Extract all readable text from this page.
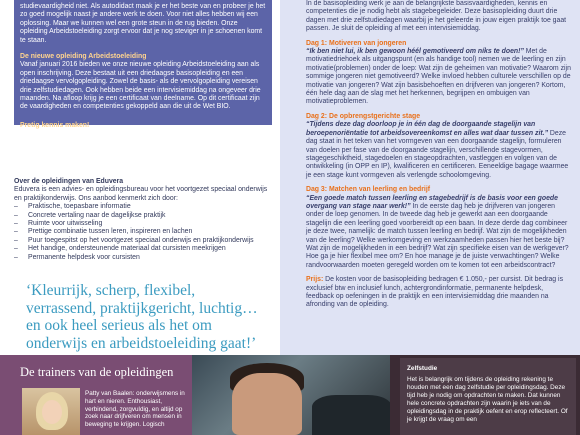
studievaardigheid niet. Als autodidact maak je er het beste van en probeer je het zo goed mogelijk naast je andere werk te doen. Voor niet alles hebben wij een oplossing. Maar we kunnen wel een grote steun in de rug bieden. Onze opleiding Arbeidstoeleiding zorgt ervoor dat je nog steviger in je schoenen komt te staan.

De nieuwe opleiding Arbeidstoeleiding

Vanaf januari 2016 bieden we onze nieuwe opleiding Arbeidstoeleiding aan als open inschrijving. Deze bestaat uit een driedaagse basisopleiding en een driedaagse vervolgopleiding. Zowel de basis- als de vervolgopleiding vereisen drie zelfstudiedagen. Ook hebben beide een intervisiemiddag na ongeveer drie maanden. Na afloop krijg je een certificaat van deelname. Op dit certificaat zijn de vaardigheden en competenties gekoppeld aan die uit de Wet BIO.

Pretig kennis maken!

Over de opleidingen van Eduvera

Eduvera is een advies- en opleidingsbureau voor het voortgezet speciaal onderwijs en praktijkonderwijs. Ons aanbod kenmerkt zich door:

– Praktische, toepasbare informatie
– Concrete vertaling naar de dagelijkse praktijk
– Ruimte voor uitwisseling
– Prettige combinatie tussen leren, inspireren en lachen
– Puur toegespitst op het voortgezet speciaal onderwijs en praktijkonderwijs
– Het handige, ondersteunende materiaal dat cursisten meekrijgen
– Permanente helpdesk voor cursisten
‘Kleurrijk, scherp, flexibel, verrassend, praktijkgericht, luchtig… en ook heel serieus als het om onderwijs en arbeidstoeleiding gaat!’

In de basisopleiding werk je aan de belangrijkste basisvaardigheden, kennis en competenties die je nodig hebt als stagebegeleider. Deze basisopleiding duurt drie dagen met drie zelfstudiedagen waarbij je het geleerde in jouw eigen praktijk toe gaat passen. Je sluit de opleiding af met een intervisiemiddag.

Dag 1: Motiveren van jongeren

“Ik ben niet lui, ik ben gewoon héél gemotiveerd om níks te doen!” Met de motivatiedriehoek als uitgangspunt (en als handige tool) nemen we de leerling en zijn motivatie(problemen) onder de loep: Wat zijn de geheimen van motivatie? Waarom zijn sommige jongeren niet gemotiveerd? Welke invloed hebben culturele verschillen op de motivatie van jongeren? Wat zijn basisbehoeften en drijfveren van jongeren? Kortom, één hele dag aan de slag met het herkennen, begrijpen en ombuigen van motivatieproblemen.

Dag 2: De opbrengstgerichte stage

“Tijdens deze dag doorloop je in één dag de doorgaande stagelijn van beroepenoriëntatie tot arbeidsovereenkomst en alles wat daar tussen zit.” Deze dag staat in het teken van het vormgeven van een doorgaande stagelijn, formuleren van doelen per fase van de doorgaande stagelijn, verschillende stagevormen, stagegeschiktheid, stagedoelen en stageopdrachten, vastleggen en volgen van de ontwikkeling (in OPP en IP), kwalificeren en certificeren. Eeneeldige bagage waarmee je een stage kunt vormgeven als verlengde schoolomgeving.

Dag 3: Matchen van leerling en bedrijf

“Een goede match tussen leerling en stagebedrijf is de basis voor een goede overgang van stage naar werk!” In de eerste dag heb je drijfveren van jongeren onder de loep genomen. In de tweede dag heb je gewerkt aan een doorgaande stagelijn die een leerling goed voorbereidt op een baan. In deze derde dag combineer je deze twee, namelijk: de match tussen leerling en bedrijf. Wat zijn de mogelijkheden van de leerling? Welke werkomgeving en werkzaamheden passen hier het beste bij? Wat zijn de mogelijkheden in een bedrijf? Wat zijn specifieke eisen van de werkgever? Hoe ga je hier flexibel mee om? En hoe manage je de juiste verwachtingen? Welke randvoorwaarden moeten geregeld worden om te komen tot een arbeidscontract?

Prijs: De kosten voor de basisopleiding bedragen € 1.050,- per cursist. Dit bedrag is exclusief btw en inclusief lunch, achtergrondinformatie, permanente helpdesk, feedback op oefeningen in de praktijk en een intervisiemiddag drie maanden na afronding van de opleiding.

De trainers van de opleidingen
Patty van Baalen: onderwijsmens in hart en nieren. Enthousiast, verbindend, zorgvuldig, en altijd op zoek naar drijfveren om mensen in beweging te krijgen. Logisch

Zelfstudie

Het is belangrijk om tijdens de opleiding rekening te houden met een dag zelfstudie per opleidingsdag. Deze tijd heb je nodig om opdrachten te maken. Dat kunnen hele concrete opdrachten zijn waarin je iets van de opleidingsdag in de praktijk oefent en erop reflecteert. Of je krijgt de vraag om een
